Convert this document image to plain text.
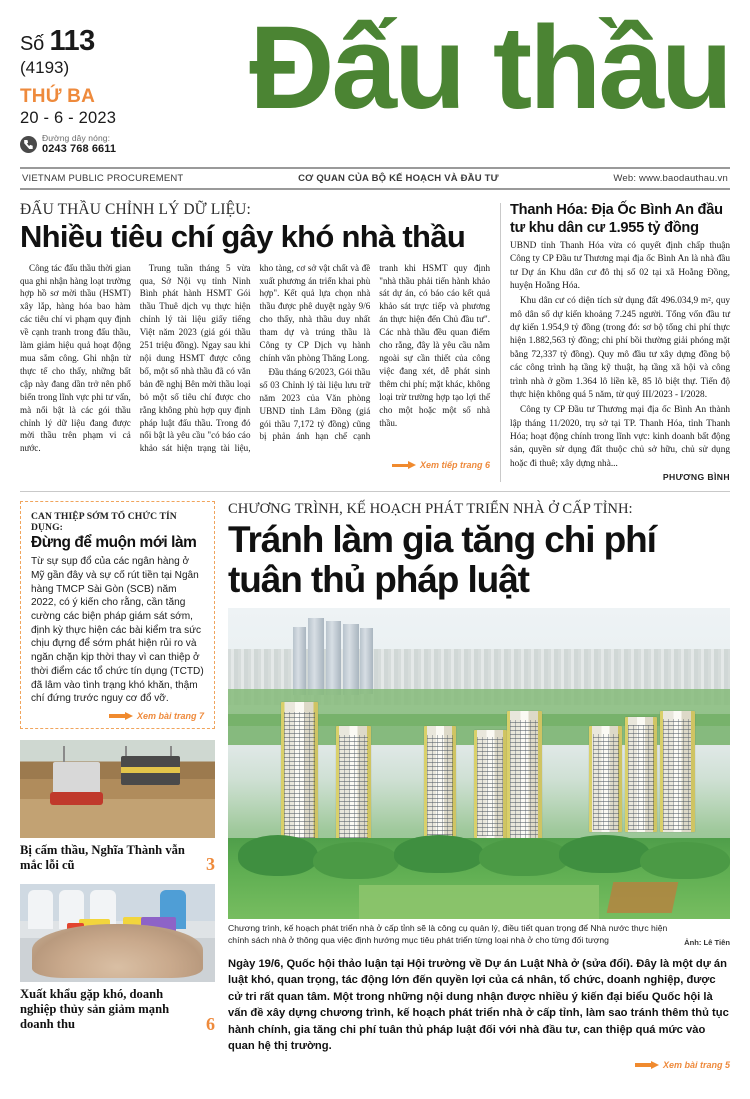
Số 113
(4193)
THỨ BA
20 - 6 - 2023
Đường dây nóng:
0243 768 6611
Đấu thầu
VIETNAM PUBLIC PROCUREMENT	CƠ QUAN CỦA BỘ KẾ HOẠCH VÀ ĐẦU TƯ	Web: www.baodauthau.vn
ĐẤU THẦU CHỈNH LÝ DỮ LIỆU:
Nhiều tiêu chí gây khó nhà thầu

Công tác đấu thầu thời gian qua ghi nhận hàng loạt trường hợp hồ sơ mời thầu (HSMT) xây lắp, hàng hóa bao hàm các tiêu chí vi phạm quy định về cạnh tranh trong đấu thầu, làm giảm hiệu quả hoạt động mua sắm công. Ghi nhận từ thực tế cho thấy, những bất cập này đang dần trở nên phổ biến trong lĩnh vực phi tư vấn, mà nổi bật là các gói thầu chỉnh lý dữ liệu đang được mời thầu trên phạm vi cả nước.

Trung tuần tháng 5 vừa qua, Sở Nội vụ tỉnh Ninh Bình phát hành HSMT Gói thầu Thuê dịch vụ thực hiện chỉnh lý tài liệu giấy tiếng Việt năm 2023 (giá gói thầu 251 triệu đồng). Ngay sau khi nội dung HSMT được công bố, một số nhà thầu đã có văn bản đề nghị Bên mời thầu loại bỏ một số tiêu chí được cho rằng không phù hợp quy định pháp luật đấu thầu. Trong đó nổi bật là yêu cầu "có báo cáo khảo sát hiện trạng tài liệu, kho tàng, cơ sở vật chất và đề xuất phương án triển khai phù hợp". Kết quả lựa chọn nhà thầu được phê duyệt ngày 9/6 cho thấy, nhà thầu duy nhất tham dự và trúng thầu là Công ty CP Dịch vụ hành chính văn phòng Thăng Long.

Đầu tháng 6/2023, Gói thầu số 03 Chỉnh lý tài liệu lưu trữ năm 2023 của Văn phòng UBND tỉnh Lâm Đồng (giá gói thầu 7,172 tỷ đồng) cũng bị phản ánh hạn chế cạnh tranh khi HSMT quy định "nhà thầu phải tiến hành khảo sát dự án, có báo cáo kết quả khảo sát trực tiếp và phương án thực hiện đến Chủ đầu tư". Các nhà thầu đều quan điểm cho rằng, đây là yêu cầu nằm ngoài sự cần thiết của công việc đang xét, dễ phát sinh thêm chi phí; mặt khác, không loại trừ trường hợp tạo lợi thế cho một hoặc một số nhà thầu.

Xem tiếp trang 6
Thanh Hóa: Địa Ốc Bình An đầu tư khu dân cư 1.955 tỷ đồng

UBND tỉnh Thanh Hóa vừa có quyết định chấp thuận Công ty CP Đầu tư Thương mại địa ốc Bình An là nhà đầu tư Dự án Khu dân cư đô thị số 02 tại xã Hoằng Đồng, huyện Hoằng Hóa.

Khu dân cư có diện tích sử dụng đất 496.034,9 m², quy mô dân số dự kiến khoảng 7.245 người. Tổng vốn đầu tư dự kiến 1.954,9 tỷ đồng (trong đó: sơ bộ tổng chi phí thực hiện 1.882,563 tỷ đồng; chi phí bồi thường giải phóng mặt bằng 72,337 tỷ đồng). Quy mô đầu tư xây dựng đồng bộ các công trình hạ tầng kỹ thuật, hạ tầng xã hội và công trình nhà ở gồm 1.364 lô liền kề, 85 lô biệt thự. Tiến độ thực hiện không quá 5 năm, từ quý III/2023 - I/2028.

Công ty CP Đầu tư Thương mại địa ốc Bình An thành lập tháng 11/2020, trụ sở tại TP. Thanh Hóa, tỉnh Thanh Hóa; hoạt động chính trong lĩnh vực: kinh doanh bất động sản, quyền sử dụng đất thuộc chủ sở hữu, chủ sử dụng hoặc đi thuê; xây dựng nhà...

PHƯƠNG BÌNH
CAN THIỆP SỚM TỔ CHỨC TÍN DỤNG:
Đừng để muộn mới làm
Từ sự sụp đổ của các ngân hàng ở Mỹ gần đây và sự cố rút tiền tại Ngân hàng TMCP Sài Gòn (SCB) năm 2022, có ý kiến cho rằng, cần tăng cường các biện pháp giám sát sớm, định kỳ thực hiện các bài kiểm tra sức chịu đựng để sớm phát hiện rủi ro và ngăn chặn kịp thời thay vì can thiệp ở thời điểm các tổ chức tín dụng (TCTD) đã lâm vào tình trạng khó khăn, thậm chí đứng trước nguy cơ đổ vỡ.
Xem bài trang 7
Bị cấm thầu, Nghĩa Thành vẫn mắc lỗi cũ	3
Xuất khẩu gặp khó, doanh nghiệp thủy sản giảm mạnh doanh thu	6
CHƯƠNG TRÌNH, KẾ HOẠCH PHÁT TRIỂN NHÀ Ở CẤP TỈNH:
Tránh làm gia tăng chi phí tuân thủ pháp luật
Chương trình, kế hoạch phát triển nhà ở cấp tỉnh sẽ là công cụ quản lý, điều tiết quan trọng để Nhà nước thực hiện chính sách nhà ở thông qua việc định hướng mục tiêu phát triển từng loại nhà ở cho từng đối tượng	Ảnh: Lê Tiên
Ngày 19/6, Quốc hội thảo luận tại Hội trường về Dự án Luật Nhà ở (sửa đổi). Đây là một dự án luật khó, quan trọng, tác động lớn đến quyền lợi của cá nhân, tổ chức, doanh nghiệp, được cử tri rất quan tâm. Một trong những nội dung nhận được nhiều ý kiến đại biểu Quốc hội là vấn đề xây dựng chương trình, kế hoạch phát triển nhà ở cấp tỉnh, làm sao tránh thêm thủ tục hành chính, gia tăng chi phí tuân thủ pháp luật đối với nhà đầu tư, can thiệp quá mức vào quan hệ thị trường.
Xem bài trang 5
